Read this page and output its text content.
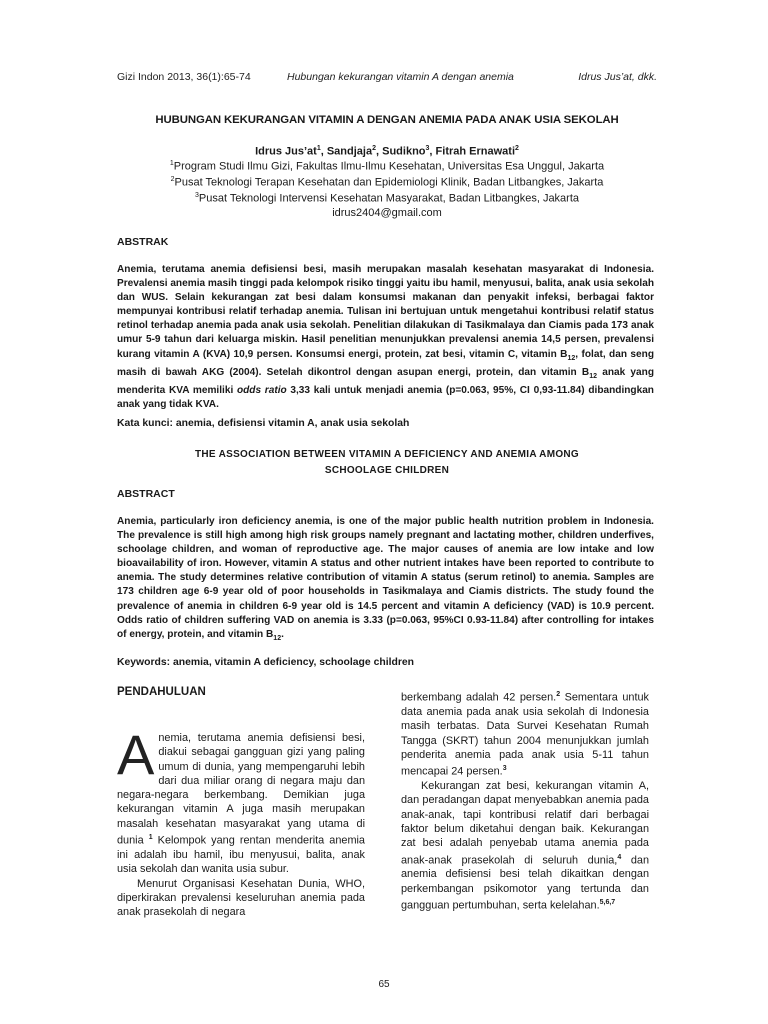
Gizi Indon 2013, 36(1):65-74	Hubungan kekurangan vitamin A dengan anemia	Idrus Jus’at, dkk.
HUBUNGAN KEKURANGAN VITAMIN A DENGAN ANEMIA PADA ANAK USIA SEKOLAH
Idrus $Jus’at^1$, Sandjaja$^2$, Sudikno$^3$, Fitrah Ernawati$^2$
$^1$Program Studi Ilmu Gizi, Fakultas Ilmu-Ilmu Kesehatan, Universitas Esa Unggul, Jakarta
$^2$Pusat Teknologi Terapan Kesehatan dan Epidemiologi Klinik, Badan Litbangkes, Jakarta
$^3$Pusat Teknologi Intervensi Kesehatan Masyarakat, Badan Litbangkes, Jakarta
idrus2404@gmail.com
ABSTRAK
Anemia, terutama anemia defisiensi besi, masih merupakan masalah kesehatan masyarakat di Indonesia. Prevalensi anemia masih tinggi pada kelompok risiko tinggi yaitu ibu hamil, menyusui, balita, anak usia sekolah dan WUS. Selain kekurangan zat besi dalam konsumsi makanan dan penyakit infeksi, berbagai faktor mempunyai kontribusi relatif terhadap anemia. Tulisan ini bertujuan untuk mengetahui kontribusi relatif status retinol terhadap anemia pada anak usia sekolah. Penelitian dilakukan di Tasikmalaya dan Ciamis pada 173 anak umur 5-9 tahun dari keluarga miskin. Hasil penelitian menunjukkan prevalensi anemia 14,5 persen, prevalensi kurang vitamin A (KVA) 10,9 persen. Konsumsi energi, protein, zat besi, vitamin C, vitamin $B_{12}$, folat, dan seng masih di bawah AKG (2004). Setelah dikontrol dengan asupan energi, protein, dan vitamin $B_{12}$ anak yang menderita KVA memiliki odds ratio 3,33 kali untuk menjadi anemia (p=0.063, 95%, CI 0,93-11.84) dibandingkan anak yang tidak KVA.
Kata kunci: anemia, defisiensi vitamin A, anak usia sekolah
THE ASSOCIATION BETWEEN VITAMIN A DEFICIENCY AND ANEMIA AMONG
SCHOOLAGE CHILDREN
ABSTRACT
Anemia, particularly iron deficiency anemia, is one of the major public health nutrition problem in Indonesia. The prevalence is still high among high risk groups namely pregnant and lactating mother, children underfives, schoolage children, and woman of reproductive age. The major causes of anemia are low intake and low bioavailability of iron. However, vitamin A status and other nutrient intakes have been reported to contribute to anemia. The study determines relative contribution of vitamin A status (serum retinol) to anemia. Samples are 173 children age 6-9 year old of poor households in Tasikmalaya and Ciamis districts. The study found the prevalence of anemia in children 6-9 year old is 14.5 percent and vitamin A deficiency (VAD) is 10.9 percent. Odds ratio of children suffering VAD on anemia is 3.33 (p=0.063, 95%CI 0.93-11.84) after controlling for intakes of energy, protein, and vitamin $B_{12}$.
Keywords: anemia, vitamin A deficiency, schoolage children
PENDAHULUAN

Anemia, terutama anemia defisiensi besi, diakui sebagai gangguan gizi yang paling umum di dunia, yang mempengaruhi lebih dari dua miliar orang di negara maju dan negara-negara berkembang. Demikian juga kekurangan vitamin A juga masih merupakan masalah kesehatan masyarakat yang utama di dunia $^1$ Kelompok yang rentan menderita anemia ini adalah ibu hamil, ibu menyusui, balita, anak usia sekolah dan wanita usia subur.

Menurut Organisasi Kesehatan Dunia, WHO, diperkirakan prevalensi keseluruhan anemia pada anak prasekolah di negara

berkembang adalah 42 persen.$^2$ Sementara untuk data anemia pada anak usia sekolah di Indonesia masih terbatas. Data Survei Kesehatan Rumah Tangga (SKRT) tahun 2004 menunjukkan jumlah penderita anemia pada anak usia 5-11 tahun mencapai 24 persen.$^3$

Kekurangan zat besi, kekurangan vitamin A, dan peradangan dapat menyebabkan anemia pada anak-anak, tapi kontribusi relatif dari berbagai faktor belum diketahui dengan baik. Kekurangan zat besi adalah penyebab utama anemia pada anak-anak prasekolah di seluruh dunia,$^4$ dan anemia defisiensi besi telah dikaitkan dengan perkembangan psikomotor yang tertunda dan gangguan pertumbuhan, serta kelelahan.$^{5,6,7}$

65
